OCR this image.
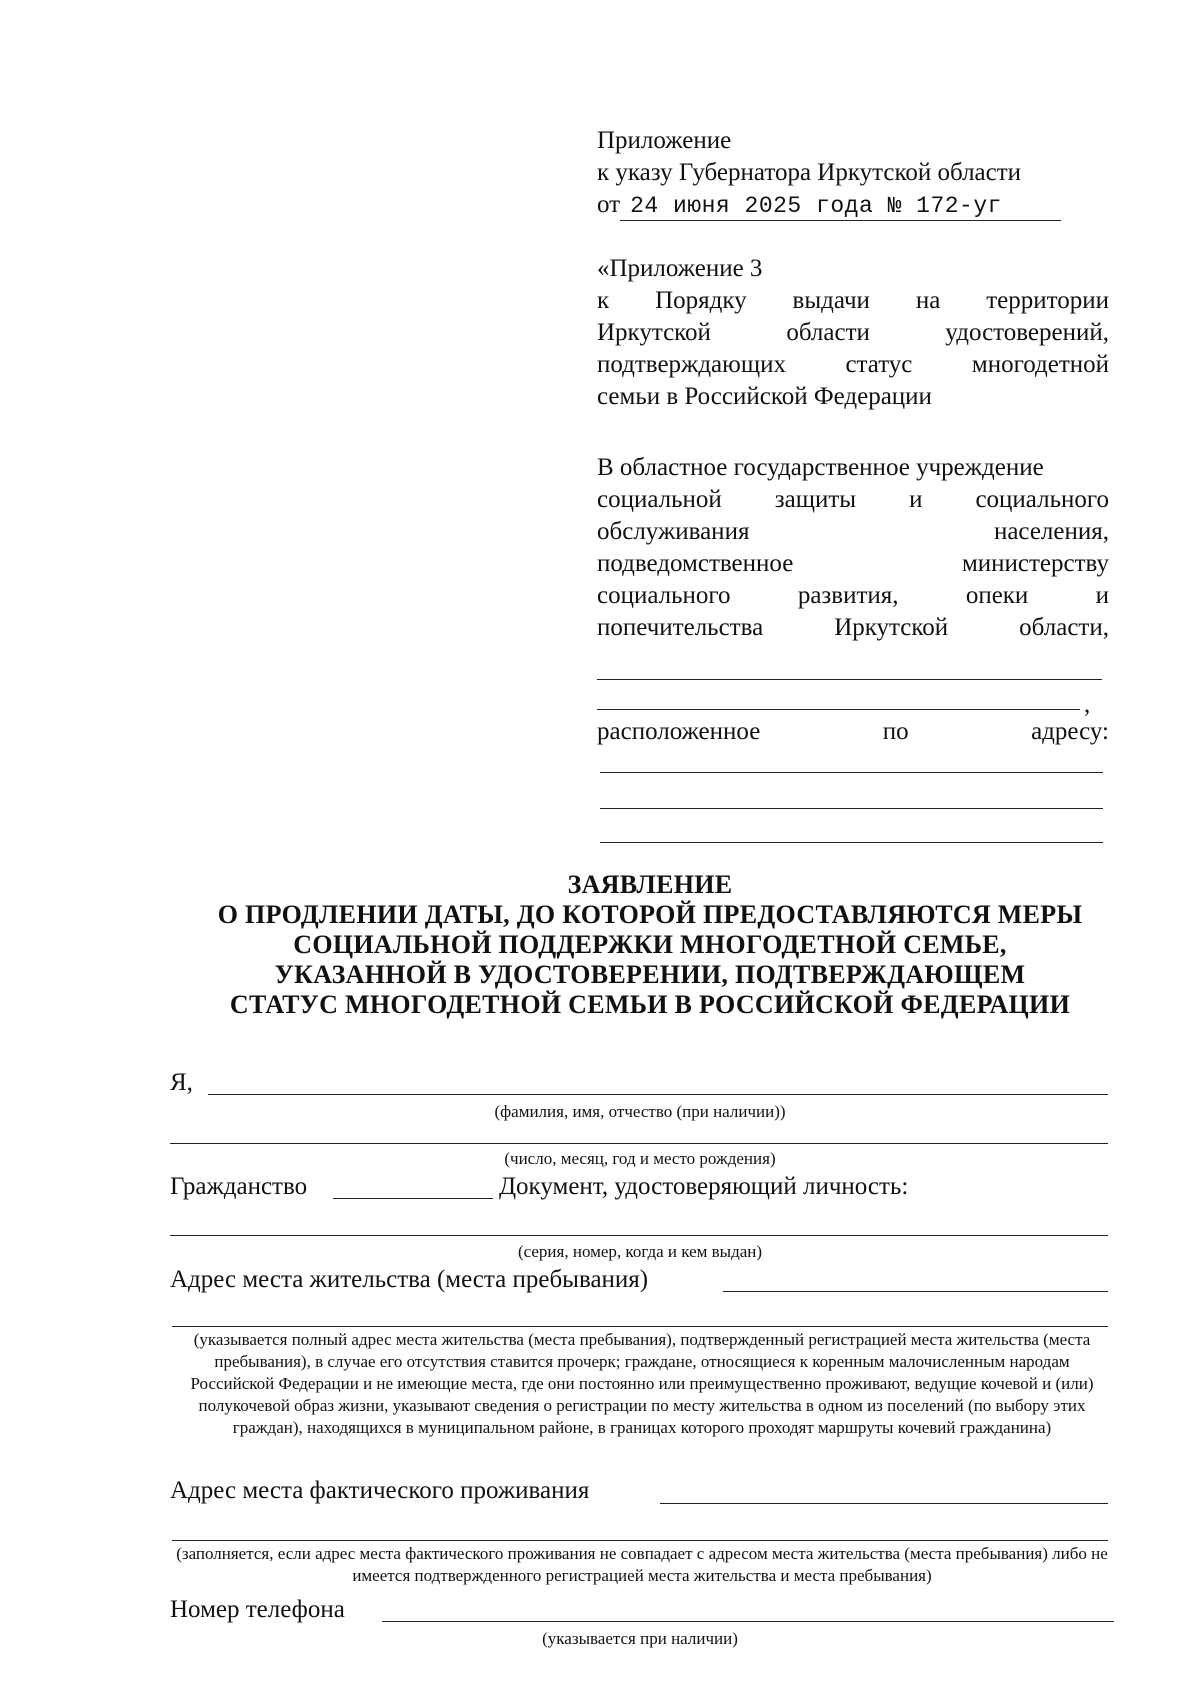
Приложение
к указу Губернатора Иркутской области
от 24 июня 2025 года № 172-уг
«Приложение 3
к Порядку выдачи на территории
Иркутской	области	удостоверений,
подтверждающих статус многодетной
семьи в Российской Федерации
В областное государственное учреждение
социальной защиты и социального
обслуживания	населения,
подведомственное	министерству
социального	развития,	опеки	и
попечительства	Иркутской	области,
,
расположенное	по	адресу:
ЗАЯВЛЕНИЕ
О ПРОДЛЕНИИ ДАТЫ, ДО КОТОРОЙ ПРЕДОСТАВЛЯЮТСЯ МЕРЫ
СОЦИАЛЬНОЙ ПОДДЕРЖКИ МНОГОДЕТНОЙ СЕМЬЕ,
УКАЗАННОЙ В УДОСТОВЕРЕНИИ, ПОДТВЕРЖДАЮЩЕМ
СТАТУС МНОГОДЕТНОЙ СЕМЬИ В РОССИЙСКОЙ ФЕДЕРАЦИИ
Я,
(фамилия, имя, отчество (при наличии))
(число, месяц, год и место рождения)
Гражданство	Документ, удостоверяющий личность:
(серия, номер, когда и кем выдан)
Адрес места жительства (места пребывания)
(указывается полный адрес места жительства (места пребывания), подтвержденный регистрацией места жительства (места пребывания), в случае его отсутствия ставится прочерк; граждане, относящиеся к коренным малочисленным народам Российской Федерации и не имеющие места, где они постоянно или преимущественно проживают, ведущие кочевой и (или) полукочевой образ жизни, указывают сведения о регистрации по месту жительства в одном из поселений (по выбору этих граждан), находящихся в муниципальном районе, в границах которого проходят маршруты кочевий гражданина)
Адрес места фактического проживания
(заполняется, если адрес места фактического проживания не совпадает с адресом места жительства (места пребывания) либо не имеется подтвержденного регистрацией места жительства и места пребывания)
Номер телефона
(указывается при наличии)
